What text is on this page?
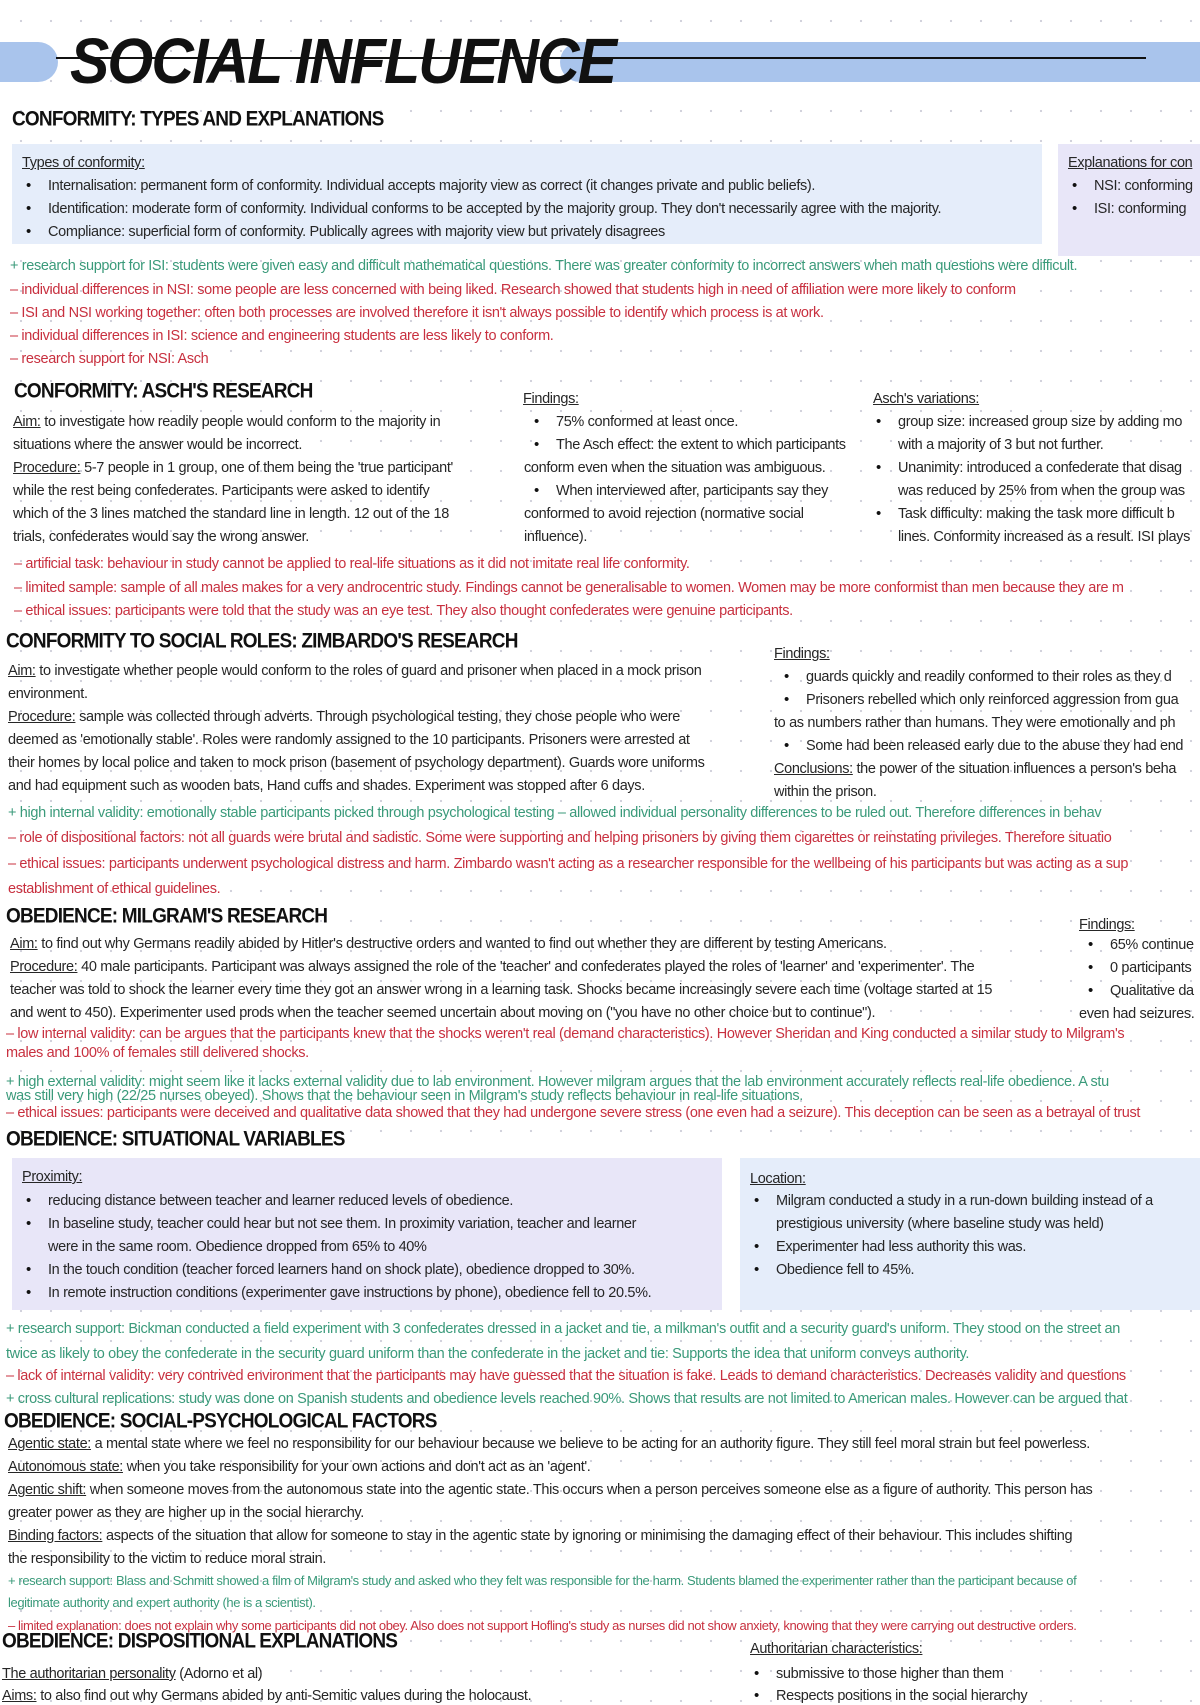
SOCIAL INFLUENCE
CONFORMITY: TYPES AND EXPLANATIONS
Types of conformity:
• Internalisation: permanent form of conformity. Individual accepts majority view as correct (it changes private and public beliefs).
• Identification: moderate form of conformity. Individual conforms to be accepted by the majority group. They don't necessarily agree with the majority.
• Compliance: superficial form of conformity. Publically agrees with majority view but privately disagrees
Explanations for con
• NSI: conforming
• ISI: conforming
+ research support for ISI: students were given easy and difficult mathematical questions. There was greater conformity to incorrect answers when math questions were difficult.
– individual differences in NSI: some people are less concerned with being liked. Research showed that students high in need of affiliation were more likely to conform
– ISI and NSI working together: often both processes are involved therefore it isn't always possible to identify which process is at work.
– individual differences in ISI: science and engineering students are less likely to conform.
– research support for NSI: Asch
CONFORMITY: ASCH'S RESEARCH
Aim: to investigate how readily people would conform to the majority in
situations where the answer would be incorrect.
Procedure: 5-7 people in 1 group, one of them being the 'true participant'
while the rest being confederates. Participants were asked to identify
which of the 3 lines matched the standard line in length. 12 out of the 18
trials, confederates would say the wrong answer.
Findings:
• 75% conformed at least once.
• The Asch effect: the extent to which participants
conform even when the situation was ambiguous.
• When interviewed after, participants say they
conformed to avoid rejection (normative social
influence).
Asch's variations:
• group size: increased group size by adding mo
with a majority of 3 but not further.
• Unanimity: introduced a confederate that disag
was reduced by 25% from when the group was
• Task difficulty: making the task more difficult b
lines. Conformity increased as a result. ISI plays
– artificial task: behaviour in study cannot be applied to real-life situations as it did not imitate real life conformity.
– limited sample: sample of all males makes for a very androcentric study. Findings cannot be generalisable to women. Women may be more conformist than men because they are m
– ethical issues: participants were told that the study was an eye test. They also thought confederates were genuine participants.
CONFORMITY TO SOCIAL ROLES: ZIMBARDO'S RESEARCH
Aim: to investigate whether people would conform to the roles of guard and prisoner when placed in a mock prison
environment.
Procedure: sample was collected through adverts. Through psychological testing, they chose people who were
deemed as 'emotionally stable'. Roles were randomly assigned to the 10 participants. Prisoners were arrested at
their homes by local police and taken to mock prison (basement of psychology department). Guards wore uniforms
and had equipment such as wooden bats, Hand cuffs and shades. Experiment was stopped after 6 days.
Findings:
• guards quickly and readily conformed to their roles as they d
• Prisoners rebelled which only reinforced aggression from gua
to as numbers rather than humans. They were emotionally and ph
• Some had been released early due to the abuse they had end
Conclusions: the power of the situation influences a person's beha
within the prison.
+ high internal validity: emotionally stable participants picked through psychological testing – allowed individual personality differences to be ruled out. Therefore differences in behav
– role of dispositional factors: not all guards were brutal and sadistic. Some were supporting and helping prisoners by giving them cigarettes or reinstating privileges. Therefore situatio
– ethical issues: participants underwent psychological distress and harm. Zimbardo wasn't acting as a researcher responsible for the wellbeing of his participants but was acting as a sup
establishment of ethical guidelines.
OBEDIENCE: MILGRAM'S RESEARCH
Aim: to find out why Germans readily abided by Hitler's destructive orders and wanted to find out whether they are different by testing Americans.
Procedure: 40 male participants. Participant was always assigned the role of the 'teacher' and confederates played the roles of 'learner' and 'experimenter'. The
teacher was told to shock the learner every time they got an answer wrong in a learning task. Shocks became increasingly severe each time (voltage started at 15
and went to 450). Experimenter used prods when the teacher seemed uncertain about moving on ("you have no other choice but to continue").
Findings:
• 65% continue
• 0 participants
• Qualitative da
even had seizures.
– low internal validity: can be argues that the participants knew that the shocks weren't real (demand characteristics). However Sheridan and King conducted a similar study to Milgram's
males and 100% of females still delivered shocks.
+ high external validity: might seem like it lacks external validity due to lab environment. However milgram argues that the lab environment accurately reflects real-life obedience. A stu
was still very high (22/25 nurses obeyed). Shows that the behaviour seen in Milgram's study reflects behaviour in real-life situations.
– ethical issues: participants were deceived and qualitative data showed that they had undergone severe stress (one even had a seizure). This deception can be seen as a betrayal of trust
OBEDIENCE: SITUATIONAL VARIABLES
Proximity:
• reducing distance between teacher and learner reduced levels of obedience.
• In baseline study, teacher could hear but not see them. In proximity variation, teacher and learner
were in the same room. Obedience dropped from 65% to 40%
• In the touch condition (teacher forced learners hand on shock plate), obedience dropped to 30%.
• In remote instruction conditions (experimenter gave instructions by phone), obedience fell to 20.5%.
Location:
• Milgram conducted a study in a run-down building instead of a
prestigious university (where baseline study was held)
• Experimenter had less authority this was.
• Obedience fell to 45%.
+ research support: Bickman conducted a field experiment with 3 confederates dressed in a jacket and tie, a milkman's outfit and a security guard's uniform. They stood on the street an
twice as likely to obey the confederate in the security guard uniform than the confederate in the jacket and tie: Supports the idea that uniform conveys authority.
– lack of internal validity: very contrived environment that the participants may have guessed that the situation is fake. Leads to demand characteristics. Decreases validity and questions
+ cross cultural replications: study was done on Spanish students and obedience levels reached 90%. Shows that results are not limited to American males. However can be argued that
OBEDIENCE: SOCIAL-PSYCHOLOGICAL FACTORS
Agentic state: a mental state where we feel no responsibility for our behaviour because we believe to be acting for an authority figure. They still feel moral strain but feel powerless.
Autonomous state: when you take responsibility for your own actions and don't act as an 'agent'.
Agentic shift: when someone moves from the autonomous state into the agentic state. This occurs when a person perceives someone else as a figure of authority. This person has
greater power as they are higher up in the social hierarchy.
Binding factors: aspects of the situation that allow for someone to stay in the agentic state by ignoring or minimising the damaging effect of their behaviour. This includes shifting
the responsibility to the victim to reduce moral strain.
+ research support: Blass and Schmitt showed a film of Milgram's study and asked who they felt was responsible for the harm. Students blamed the experimenter rather than the participant because of
legitimate authority and expert authority (he is a scientist).
– limited explanation: does not explain why some participants did not obey. Also does not support Hofling's study as nurses did not show anxiety, knowing that they were carrying out destructive orders.
OBEDIENCE: DISPOSITIONAL EXPLANATIONS
The authoritarian personality (Adorno et al)
Aims: to also find out why Germans abided by anti-Semitic values during the holocaust.
Authoritarian characteristics:
• submissive to those higher than them
• Respects positions in the social hierarchy
